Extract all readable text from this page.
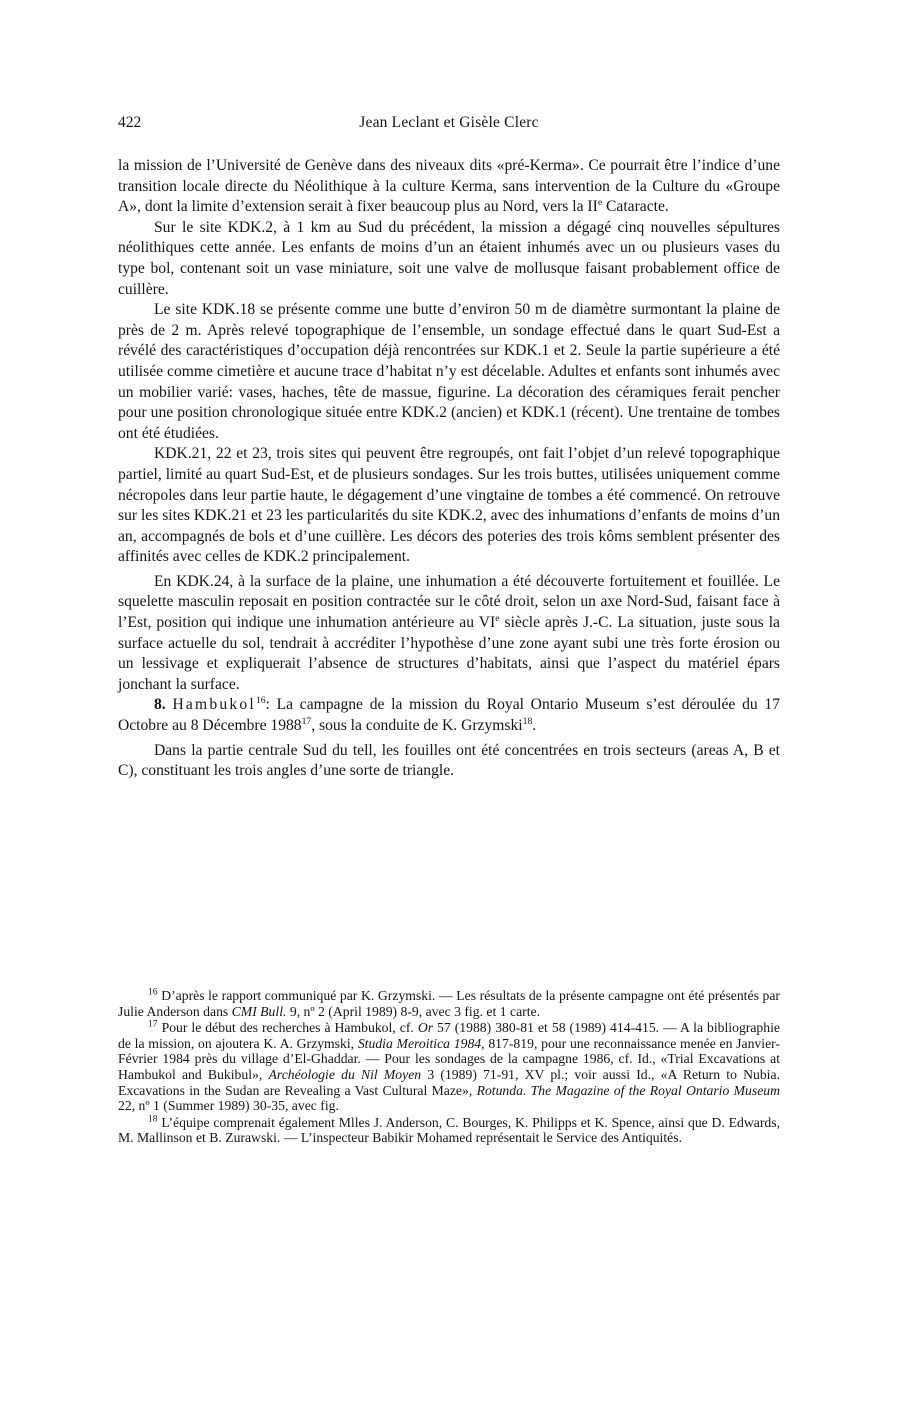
422	Jean Leclant et Gisèle Clerc

la mission de l’Université de Genève dans des niveaux dits «pré-Kerma». Ce pourrait être l’indice d’une transition locale directe du Néolithique à la culture Kerma, sans intervention de la Culture du «Groupe A», dont la limite d’extension serait à fixer beaucoup plus au Nord, vers la IIe Cataracte.

Sur le site KDK.2, à 1 km au Sud du précédent, la mission a dégagé cinq nouvelles sépultures néolithiques cette année. Les enfants de moins d’un an étaient inhumés avec un ou plusieurs vases du type bol, contenant soit un vase miniature, soit une valve de mollusque faisant probablement office de cuillère.

Le site KDK.18 se présente comme une butte d’environ 50 m de diamètre surmontant la plaine de près de 2 m. Après relevé topographique de l’ensemble, un sondage effectué dans le quart Sud-Est a révélé des caractéristiques d’occupation déjà rencontrées sur KDK.1 et 2. Seule la partie supérieure a été utilisée comme cimetière et aucune trace d’habitat n’y est décelable. Adultes et enfants sont inhumés avec un mobilier varié: vases, haches, tête de massue, figurine. La décoration des céramiques ferait pencher pour une position chronologique située entre KDK.2 (ancien) et KDK.1 (récent). Une trentaine de tombes ont été étudiées.

KDK.21, 22 et 23, trois sites qui peuvent être regroupés, ont fait l’objet d’un relevé topographique partiel, limité au quart Sud-Est, et de plusieurs sondages. Sur les trois buttes, utilisées uniquement comme nécropoles dans leur partie haute, le dégagement d’une vingtaine de tombes a été commencé. On retrouve sur les sites KDK.21 et 23 les particularités du site KDK.2, avec des inhumations d’enfants de moins d’un an, accompagnés de bols et d’une cuillère. Les décors des poteries des trois kôms semblent présenter des affinités avec celles de KDK.2 principalement.

En KDK.24, à la surface de la plaine, une inhumation a été découverte fortuitement et fouillée. Le squelette masculin reposait en position contractée sur le côté droit, selon un axe Nord-Sud, faisant face à l’Est, position qui indique une inhumation antérieure au VIe siècle après J.-C. La situation, juste sous la surface actuelle du sol, tendrait à accréditer l’hypothèse d’une zone ayant subi une très forte érosion ou un lessivage et expliquerait l’absence de structures d’habitats, ainsi que l’aspect du matériel épars jonchant la surface.

8. Hambukol$^{16}$: La campagne de la mission du Royal Ontario Museum s’est déroulée du 17 Octobre au 8 Décembre 1988$^{17}$, sous la conduite de K. Grzymski$^{18}$.

Dans la partie centrale Sud du tell, les fouilles ont été concentrées en trois secteurs (areas A, B et C), constituant les trois angles d’une sorte de triangle.

$^{16}$ D’après le rapport communiqué par K. Grzymski. — Les résultats de la présente campagne ont été présentés par Julie Anderson dans CMI Bull. 9, nº 2 (April 1989) 8-9, avec 3 fig. et 1 carte.

$^{17}$ Pour le début des recherches à Hambukol, cf. Or 57 (1988) 380-81 et 58 (1989) 414-415. — A la bibliographie de la mission, on ajoutera K. A. Grzymski, Studia Meroitica 1984, 817-819, pour une reconnaissance menée en Janvier-Février 1984 près du village d’El-Ghaddar. — Pour les sondages de la campagne 1986, cf. Id., «Trial Excavations at Hambukol and Bukibul», Archéologie du Nil Moyen 3 (1989) 71-91, XV pl.; voir aussi Id., «A Return to Nubia. Excavations in the Sudan are Revealing a Vast Cultural Maze», Rotunda. The Magazine of the Royal Ontario Museum 22, nº 1 (Summer 1989) 30-35, avec fig.

$^{18}$ L’équipe comprenait également Mlles J. Anderson, C. Bourges, K. Philipps et K. Spence, ainsi que D. Edwards, M. Mallinson et B. Zurawski. — L’inspecteur Babikir Mohamed représentait le Service des Antiquités.
